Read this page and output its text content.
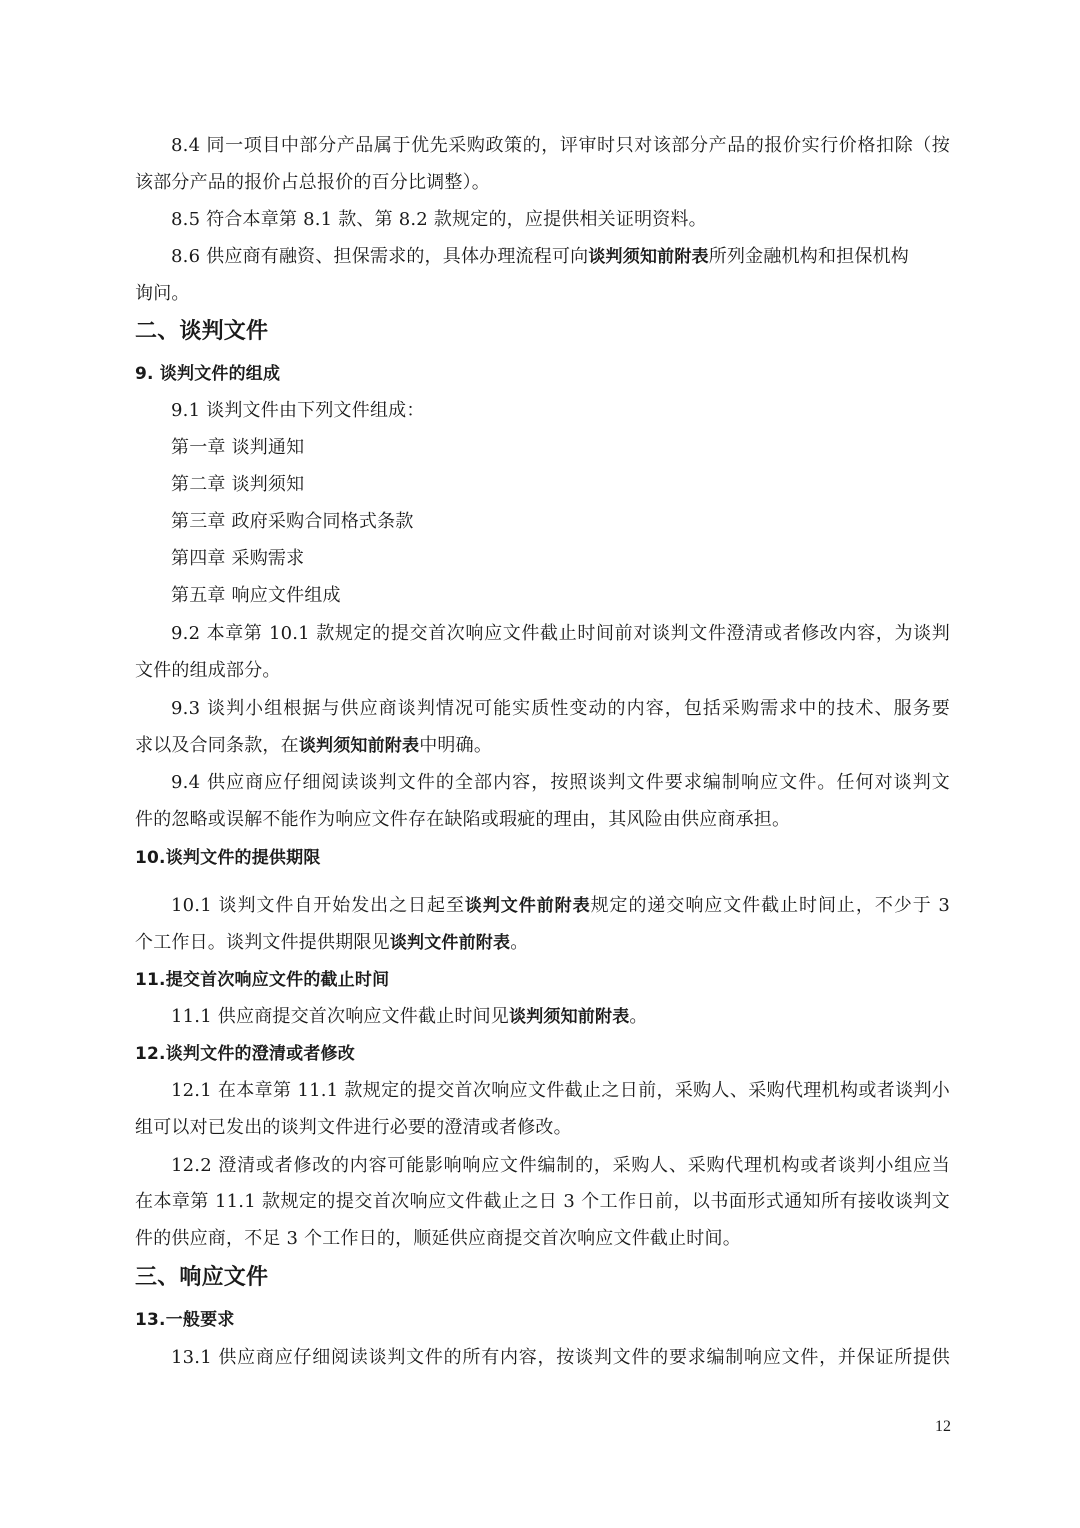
8.4 同一项目中部分产品属于优先采购政策的，评审时只对该部分产品的报价实行价格扣除（按
该部分产品的报价占总报价的百分比调整）。
8.5 符合本章第 8.1 款、第 8.2 款规定的，应提供相关证明资料。
8.6 供应商有融资、担保需求的，具体办理流程可向谈判须知前附表所列金融机构和担保机构
询问。
二、谈判文件
9. 谈判文件的组成
9.1 谈判文件由下列文件组成：
第一章 谈判通知
第二章 谈判须知
第三章 政府采购合同格式条款
第四章 采购需求
第五章 响应文件组成
9.2 本章第 10.1 款规定的提交首次响应文件截止时间前对谈判文件澄清或者修改内容，为谈判
文件的组成部分。
9.3 谈判小组根据与供应商谈判情况可能实质性变动的内容，包括采购需求中的技术、服务要
求以及合同条款，在谈判须知前附表中明确。
9.4 供应商应仔细阅读谈判文件的全部内容，按照谈判文件要求编制响应文件。任何对谈判文
件的忽略或误解不能作为响应文件存在缺陷或瑕疵的理由，其风险由供应商承担。
10.谈判文件的提供期限
10.1 谈判文件自开始发出之日起至谈判文件前附表规定的递交响应文件截止时间止，不少于 3
个工作日。谈判文件提供期限见谈判文件前附表。
11.提交首次响应文件的截止时间
11.1 供应商提交首次响应文件截止时间见谈判须知前附表。
12.谈判文件的澄清或者修改
12.1 在本章第 11.1 款规定的提交首次响应文件截止之日前，采购人、采购代理机构或者谈判小
组可以对已发出的谈判文件进行必要的澄清或者修改。
12.2 澄清或者修改的内容可能影响响应文件编制的，采购人、采购代理机构或者谈判小组应当
在本章第 11.1 款规定的提交首次响应文件截止之日 3 个工作日前，以书面形式通知所有接收谈判文
件的供应商，不足 3 个工作日的，顺延供应商提交首次响应文件截止时间。
三、响应文件
13.一般要求
13.1 供应商应仔细阅读谈判文件的所有内容，按谈判文件的要求编制响应文件，并保证所提供
12
